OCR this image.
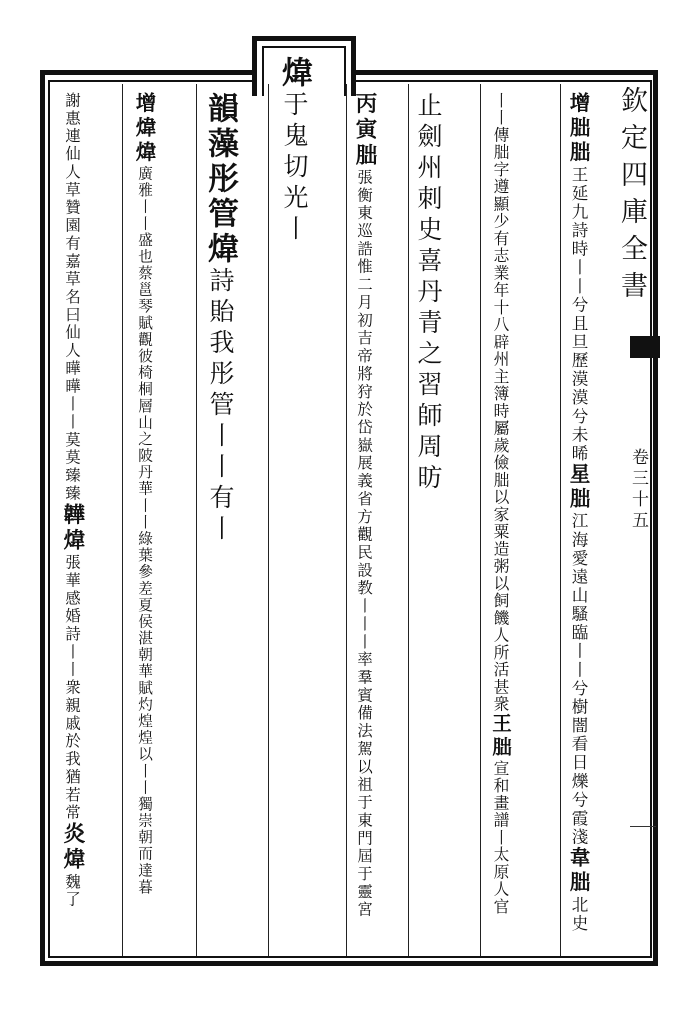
欽定四庫全書
卷三十五
增朏朏王延九詩時丨丨兮且旦歷漠漠兮未晞星朏江海愛遠山騷臨丨丨兮樹闇看日爍兮霞淺韋朏北史
丨丨傳朏字遵顯少有志業年十八辟州主簿時屬歲儉朏以家粟造粥以飼饑人所活甚衆王朏宣和畫譜丨太原人官
止劍州刺史喜丹青之習師周昉
丙寅朏張衡東巡誥惟二月初吉帝將狩於岱嶽展義省方觀民設教丨丨丨率羣賓備法駕以祖于東門屆于靈宮
煒于鬼切光丨
韻藻彤管煒詩貽我彤管丨丨有丨
增煒煒廣雅丨丨盛也蔡邕琴賦觀彼椅桐層山之陂丹華丨丨綠葉參差夏侯湛朝華賦灼煌煌以丨丨獨崇朝而達暮
謝惠連仙人草贊園有嘉草名曰仙人曄曄丨丨莫莫臻臻韡煒張華感婚詩丨丨衆親戚於我猶若常炎煒魏了
